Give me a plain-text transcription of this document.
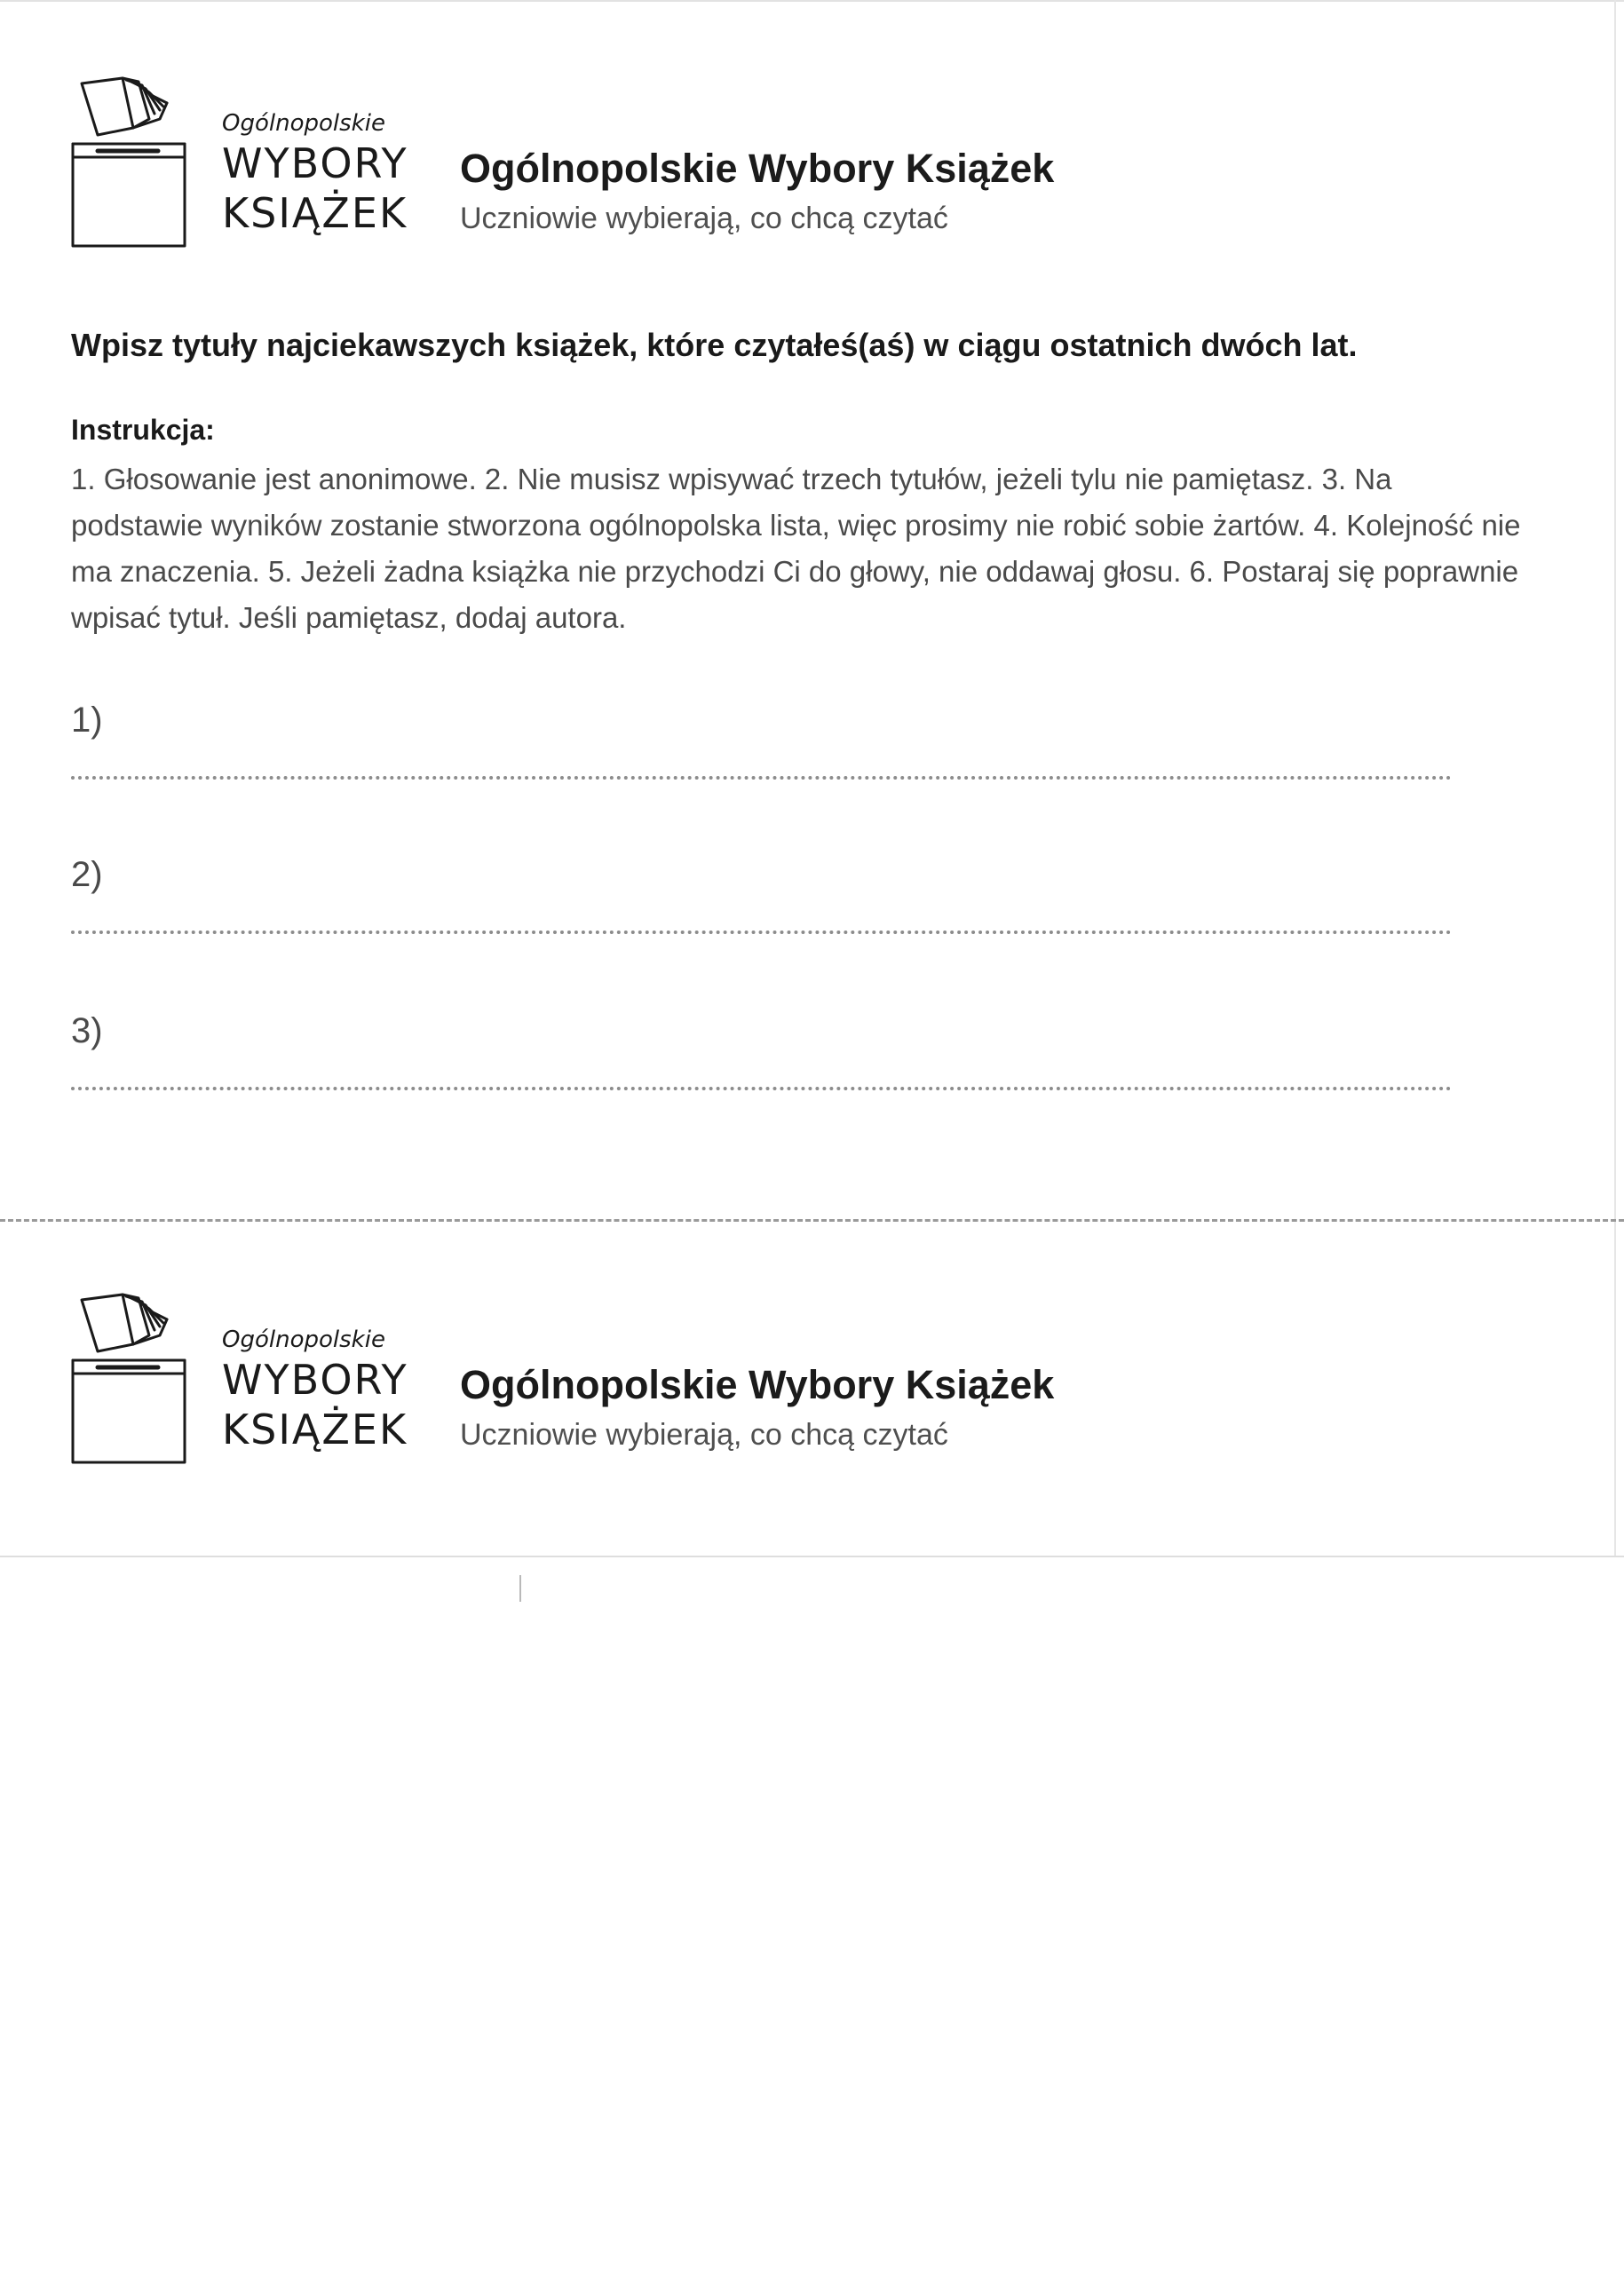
Ogólnopolskie
WYBORY
KSIĄŻEK
Ogólnopolskie Wybory Książek
Uczniowie wybierają, co chcą czytać
Wpisz tytuły najciekawszych książek, które czytałeś(aś) w ciągu ostatnich dwóch lat.
Instrukcja:
1. Głosowanie jest anonimowe. 2. Nie musisz wpisywać trzech tytułów, jeżeli tylu nie pamiętasz. 3. Na podstawie wyników zostanie stworzona ogólnopolska lista, więc prosimy nie robić sobie żartów. 4. Kolejność nie ma znaczenia. 5. Jeżeli żadna książka nie przychodzi Ci do głowy, nie oddawaj głosu. 6. Postaraj się poprawnie wpisać tytuł. Jeśli pamiętasz, dodaj autora.
1)
2)
3)
Ogólnopolskie
WYBORY
KSIĄŻEK
Ogólnopolskie Wybory Książek
Uczniowie wybierają, co chcą czytać
